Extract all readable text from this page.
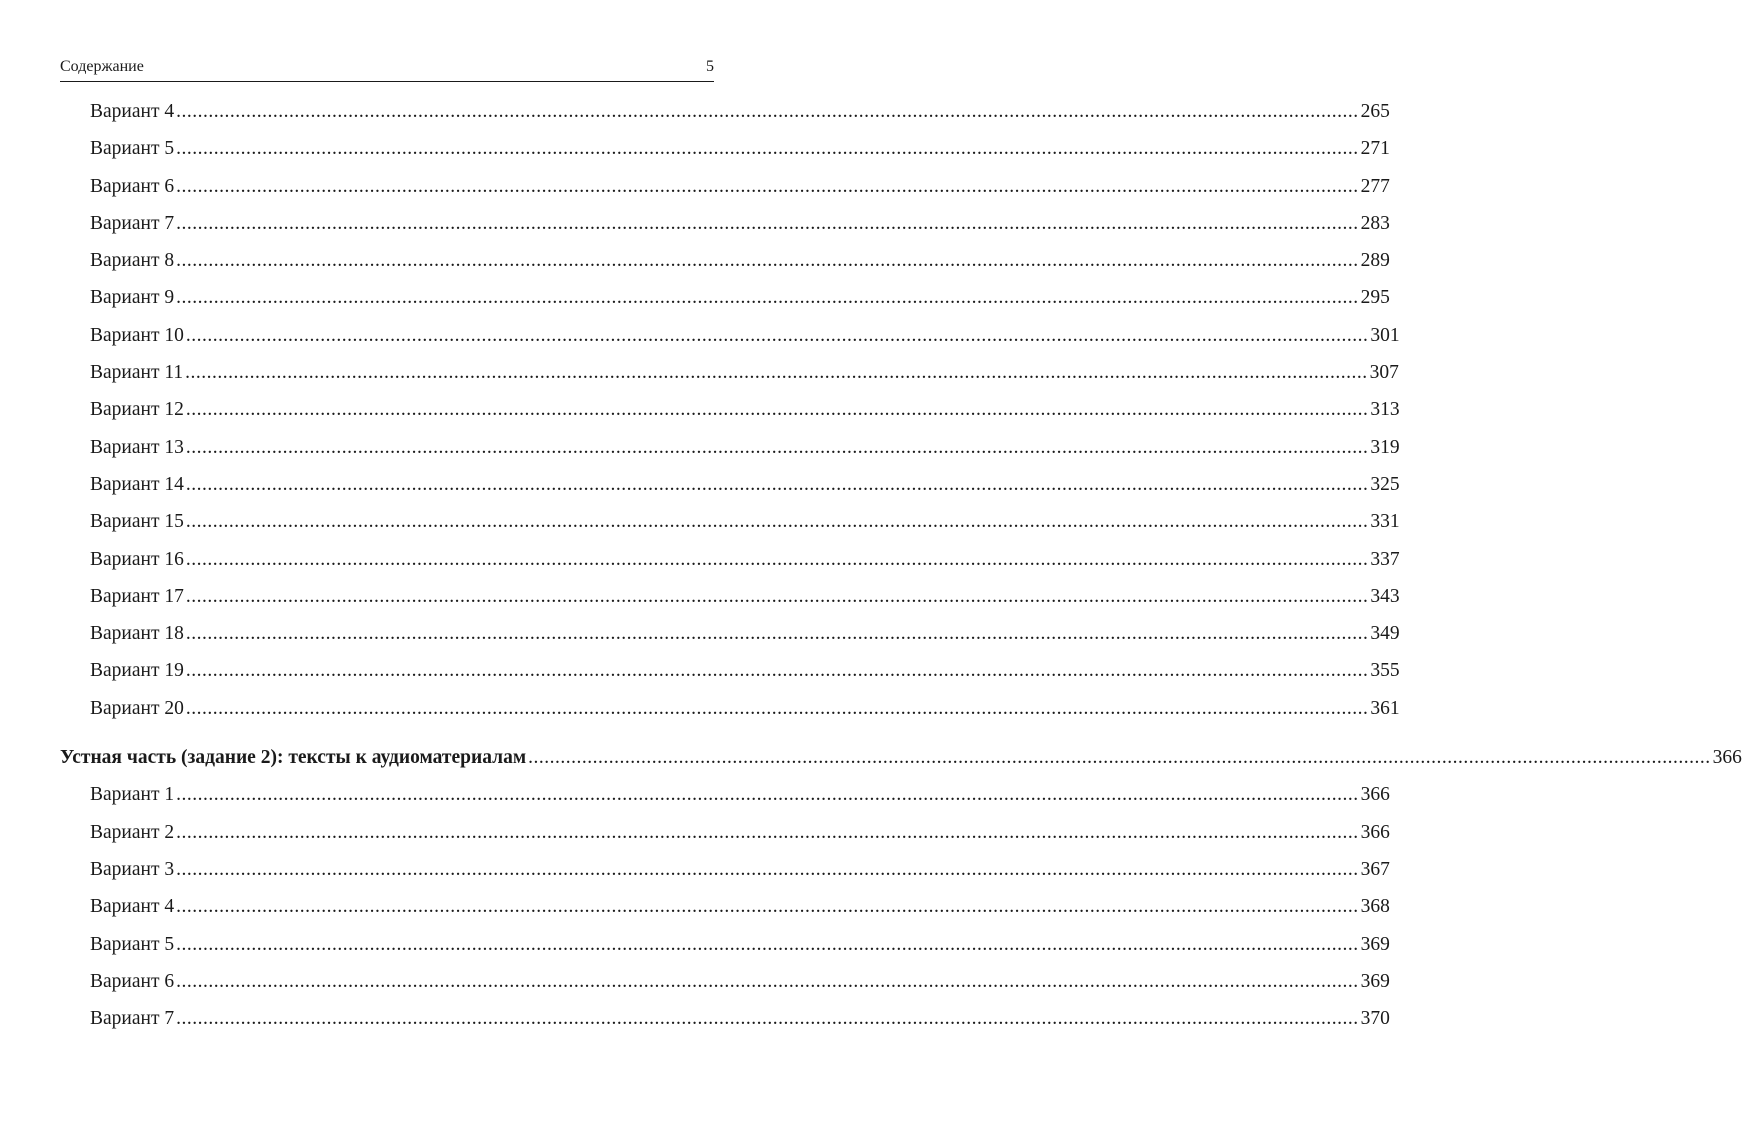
Содержание	5
Вариант 4 ............................................................................................................................................................................................................................ 265
Вариант 5 ............................................................................................................................................................................................................................ 271
Вариант 6 ............................................................................................................................................................................................................................ 277
Вариант 7 ............................................................................................................................................................................................................................ 283
Вариант 8 ............................................................................................................................................................................................................................ 289
Вариант 9 ............................................................................................................................................................................................................................ 295
Вариант 10 ............................................................................................................................................................................................................................ 301
Вариант 11 ............................................................................................................................................................................................................................ 307
Вариант 12 ............................................................................................................................................................................................................................ 313
Вариант 13 ............................................................................................................................................................................................................................ 319
Вариант 14 ............................................................................................................................................................................................................................ 325
Вариант 15 ............................................................................................................................................................................................................................ 331
Вариант 16 ............................................................................................................................................................................................................................ 337
Вариант 17 ............................................................................................................................................................................................................................ 343
Вариант 18 ............................................................................................................................................................................................................................ 349
Вариант 19 ............................................................................................................................................................................................................................ 355
Вариант 20 ............................................................................................................................................................................................................................ 361
Устная часть (задание 2): тексты к аудиоматериалам ............................................................................................................................................................................................................................ 366
Вариант 1 ............................................................................................................................................................................................................................ 366
Вариант 2 ............................................................................................................................................................................................................................ 366
Вариант 3 ............................................................................................................................................................................................................................ 367
Вариант 4 ............................................................................................................................................................................................................................ 368
Вариант 5 ............................................................................................................................................................................................................................ 369
Вариант 6 ............................................................................................................................................................................................................................ 369
Вариант 7 ............................................................................................................................................................................................................................ 370
